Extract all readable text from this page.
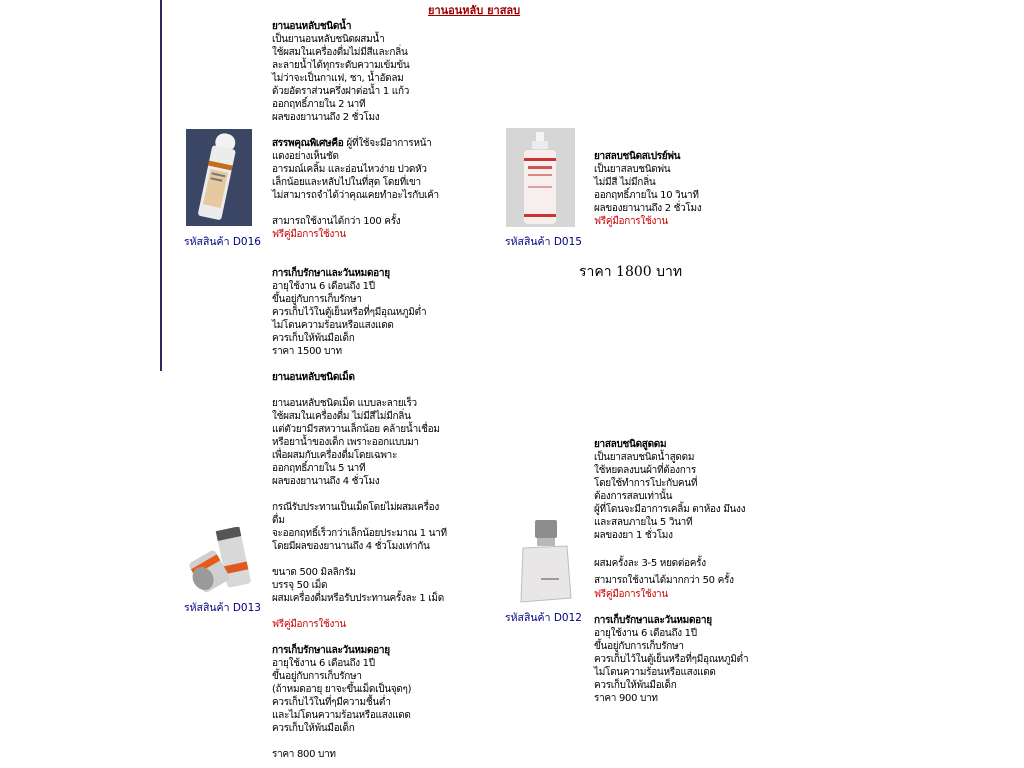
ยานอนหลับ ยาสลบ
รหัสสินค้า D016
ยานอนหลับชนิดน้ำ
เป็นยานอนหลับชนิดผสมน้ำ
ใช้ผสมในเครื่องดื่มไม่มีสีและกลิ่น
ละลายน้ำได้ทุกระดับความเข้มข้น
ไม่ว่าจะเป็นกาแฟ, ชา, น้ำอัดลม
ด้วยอัตราส่วนครึ่งฝาต่อน้ำ 1 แก้ว
ออกฤทธิ์ภายใน 2 นาที
ผลของยานานถึง 2 ชั่วโมง
สรรพคุณพิเศษคือ ผู้ที่ใช้จะมีอาการหน้า
แดงอย่างเห็นชัด
อารมณ์เคลิ้ม และอ่อนไหวง่าย ปวดหัว
เล็กน้อยและหลับไปในที่สุด โดยที่เขา
ไม่สามารถจำได้ว่าคุณเคยทำอะไรกับเค้า
สามารถใช้งานได้กว่า 100 ครั้ง
ฟรีคู่มือการใช้งาน
การเก็บรักษาและวันหมดอายุ
อายุใช้งาน 6 เดือนถึง 1ปี
ขึ้นอยู่กับการเก็บรักษา
ควรเก็บไว้ในตู้เย็นหรือที่ๆมีอุณหภูมิต่ำ
ไม่โดนความร้อนหรือแสงแดด
ควรเก็บให้พ้นมือเด็ก
ราคา 1500 บาท
รหัสสินค้า D015
ยาสลบชนิดสเปรย์พ่น
เป็นยาสลบชนิดพ่น
ไม่มีสี ไม่มีกลิ่น
ออกฤทธิ์ภายใน 10 วินาที
ผลของยานานถึง 2 ชั่วโมง
ฟรีคู่มือการใช้งาน
ราคา 1800 บาท
รหัสสินค้า D013
ยานอนหลับชนิดเม็ด
ยานอนหลับชนิดเม็ด แบบละลายเร็ว
ใช้ผสมในเครื่องดื่ม ไม่มีสีไม่มีกลิ่น
แต่ตัวยามีรสหวานเล็กน้อย คล้ายน้ำเชื่อม
หรือยาน้ำของเด็ก เพราะออกแบบมา
เพื่อผสมกับเครื่องดื่มโดยเฉพาะ
ออกฤทธิ์ภายใน 5 นาที
ผลของยานานถึง 4 ชั่วโมง
กรณีรับประทานเป็นเม็ดโดยไม่ผสมเครื่อง
ดื่ม
จะออกฤทธิ์เร็วกว่าเล็กน้อยประมาณ 1 นาที
โดยมีผลของยานานถึง 4 ชั่วโมงเท่ากัน
ขนาด 500 มิลลิกรัม
บรรจุ 50 เม็ด
ผสมเครื่องดื่มหรือรับประทานครั้งละ 1 เม็ด
ฟรีคู่มือการใช้งาน
การเก็บรักษาและวันหมดอายุ
อายุใช้งาน 6 เดือนถึง 1ปี
ขึ้นอยู่กับการเก็บรักษา
(ถ้าหมดอายุ ยาจะขึ้นเม็ดเป็นจุดๆ)
ควรเก็บไว้ในที่ๆมีความชื้นต่ำ
และไม่โดนความร้อนหรือแสงแดด
ควรเก็บให้พ้นมือเด็ก
ราคา 800 บาท
รหัสสินค้า D012
ยาสลบชนิดสูดดม
เป็นยาสลบชนิดน้ำสูดดม
ใช้หยดลงบนผ้าที่ต้องการ
โดยใช้ทำการโปะกับคนที่
ต้องการสลบเท่านั้น
ผู้ที่โดนจะมีอาการเคลิ้ม ตาห้อง มึนงง
และสลบภายใน 5 วินาที
ผลของยา 1 ชั่วโมง
ผสมครั้งละ 3-5 หยดต่อครั้ง
สามารถใช้งานได้มากกว่า 50 ครั้ง
ฟรีคู่มือการใช้งาน
การเก็บรักษาและวันหมดอายุ
อายุใช้งาน 6 เดือนถึง 1ปี
ขึ้นอยู่กับการเก็บรักษา
ควรเก็บไว้ในตู้เย็นหรือที่ๆมีอุณหภูมิต่ำ
ไม่โดนความร้อนหรือแสงแดด
ควรเก็บให้พ้นมือเด็ก
ราคา 900 บาท
